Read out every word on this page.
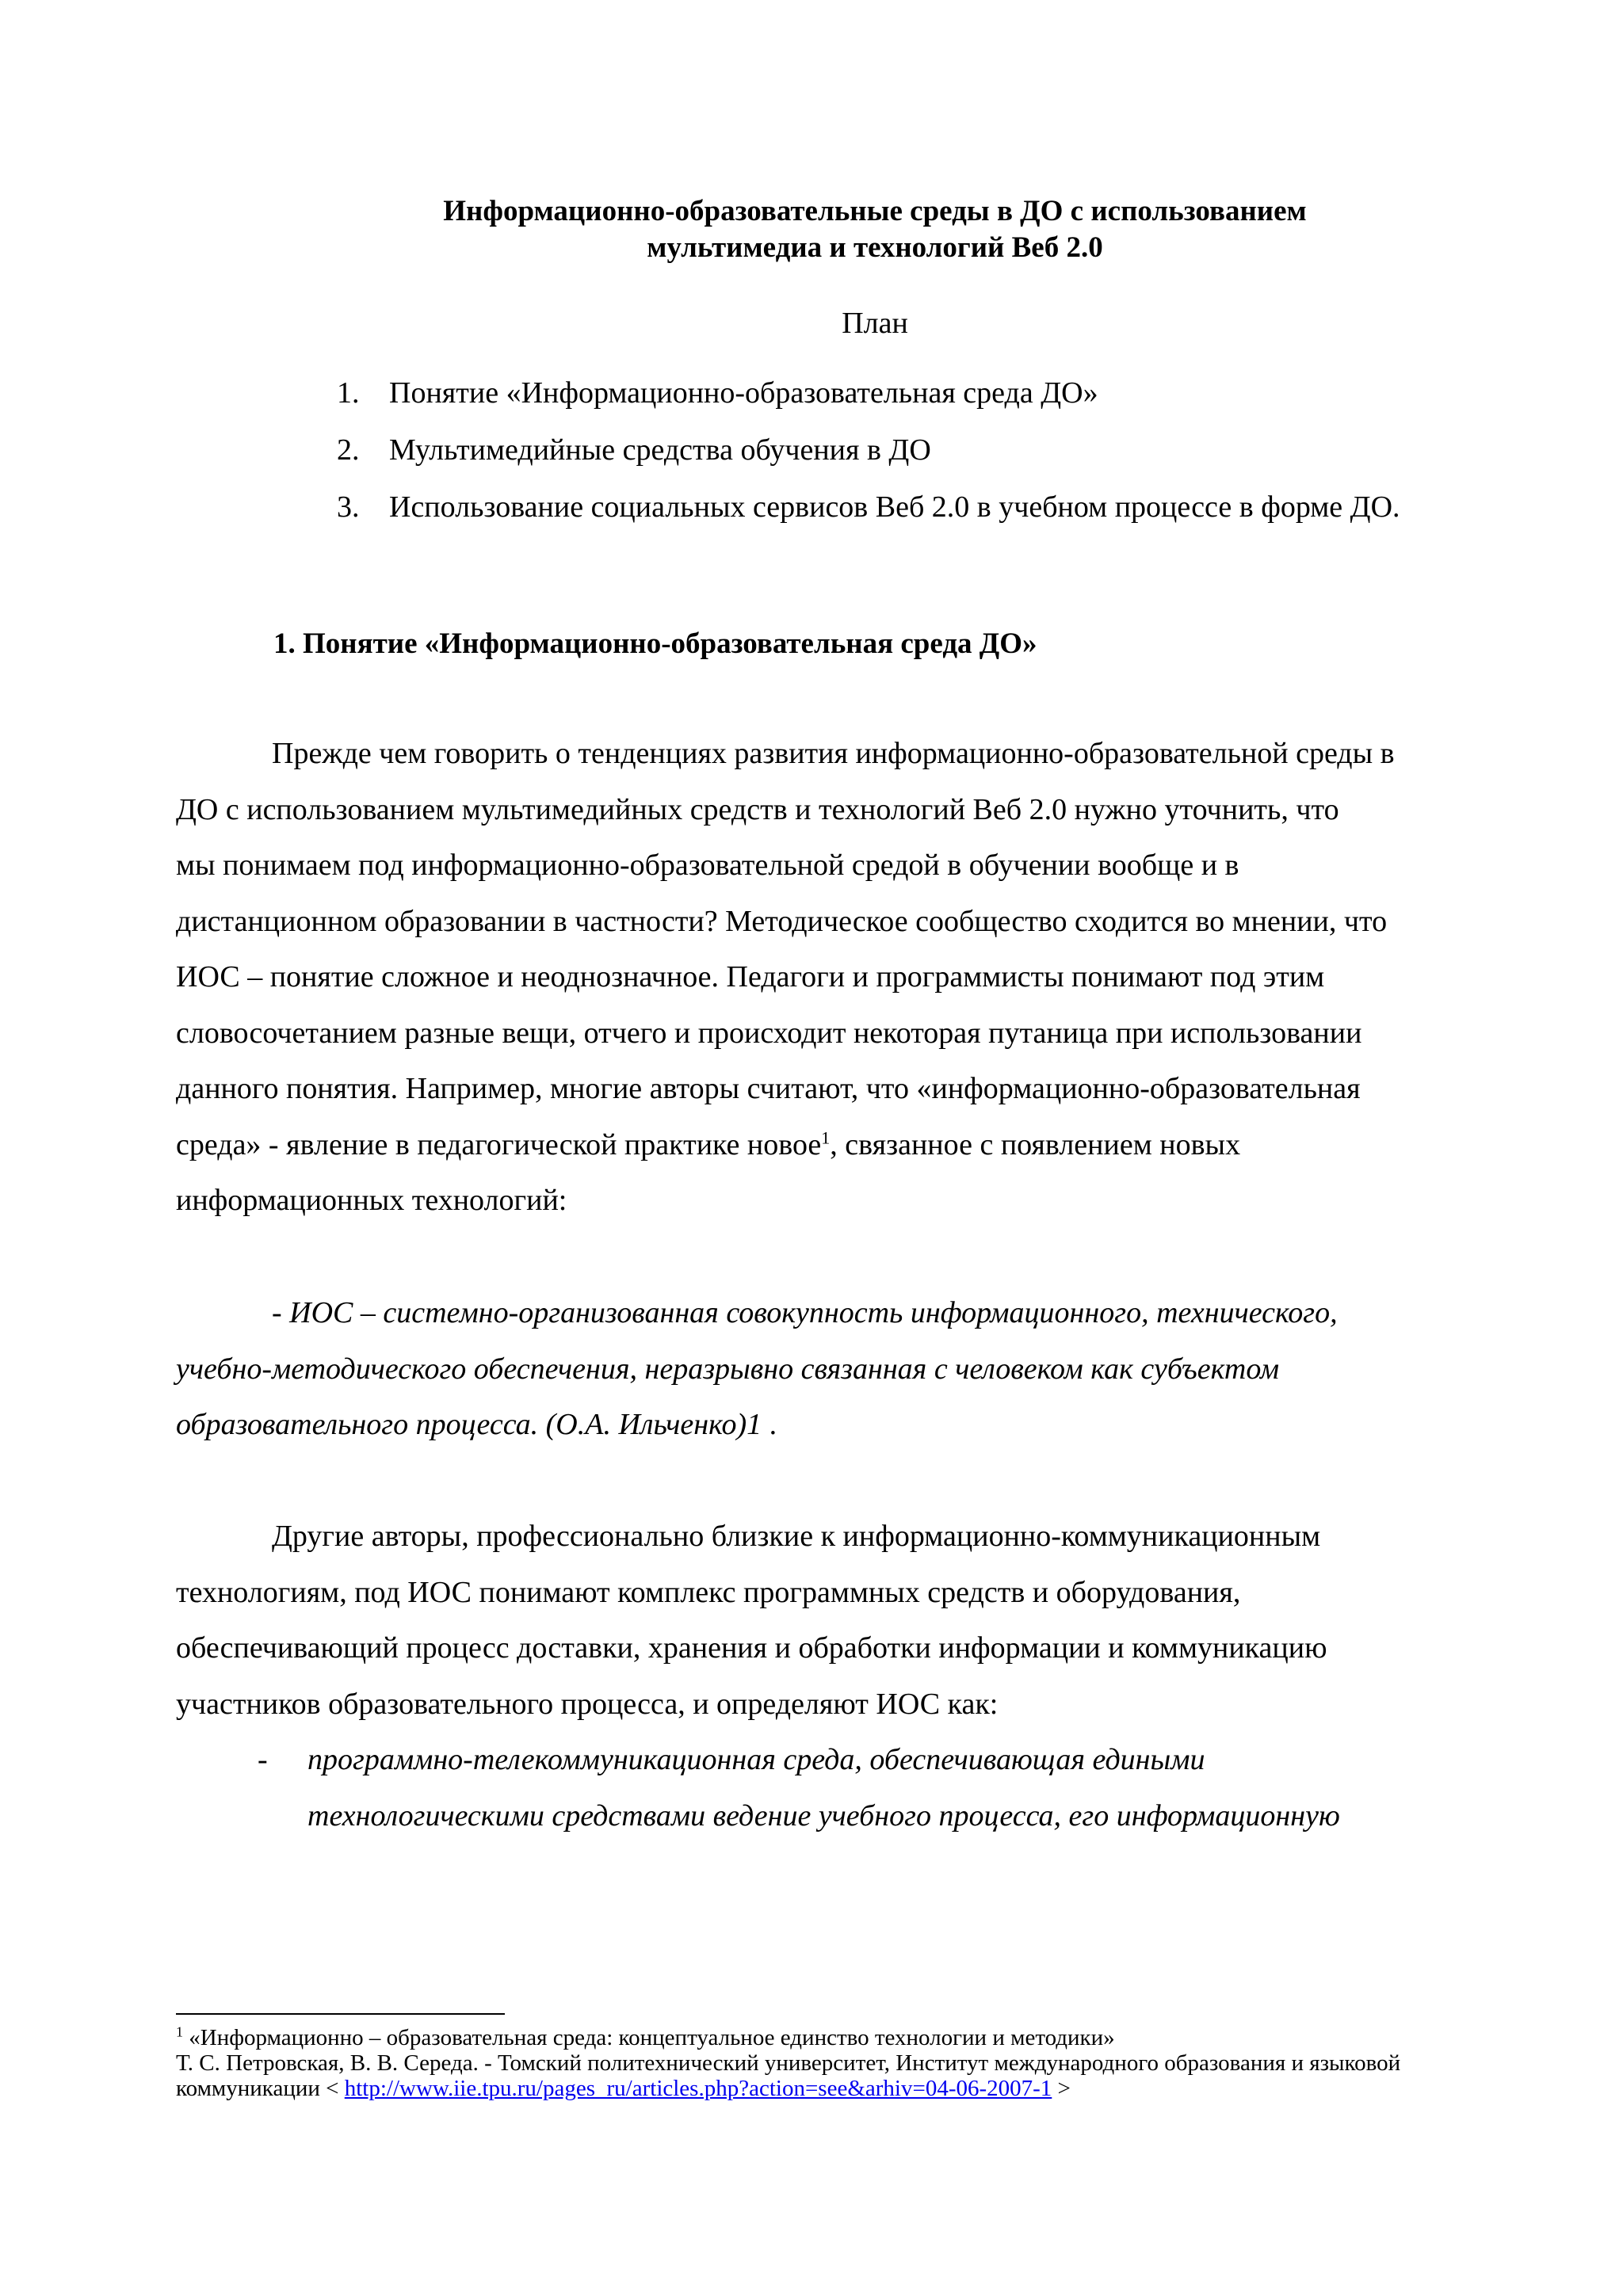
Информационно-образовательные среды в ДО с использованием
мультимедиа и технологий Веб 2.0
План
1. Понятие «Информационно-образовательная среда ДО»
2. Мультимедийные средства обучения в ДО
3. Использование социальных сервисов Веб 2.0 в учебном процессе в форме ДО.
1. Понятие «Информационно-образовательная среда ДО»
Прежде чем говорить о тенденциях развития информационно-образовательной среды в
ДО с использованием мультимедийных средств и технологий Веб 2.0 нужно уточнить, что
мы понимаем под информационно-образовательной средой в обучении вообще и в
дистанционном образовании в частности? Методическое сообщество сходится во мнении, что
ИОС – понятие сложное и неоднозначное. Педагоги и программисты понимают под этим
словосочетанием разные вещи, отчего и происходит некоторая путаница при использовании
данного понятия. Например, многие авторы считают, что «информационно-образовательная
среда» - явление в педагогической практике новое$^1$, связанное с появлением новых
информационных технологий:
- ИОС – системно-организованная совокупность информационного, технического,
учебно-методического обеспечения, неразрывно связанная с человеком как субъектом
образовательного процесса. (О.А. Ильченко)1 .
Другие авторы, профессионально близкие к информационно-коммуникационным
технологиям, под ИОС понимают комплекс программных средств и оборудования,
обеспечивающий процесс доставки, хранения и обработки информации и коммуникацию
участников образовательного процесса, и определяют ИОС как:
- программно-телекоммуникационная среда, обеспечивающая едиными
технологическими средствами ведение учебного процесса, его информационную
$^1$ «Информационно – образовательная среда: концептуальное единство технологии и методики»
Т. С. Петровская, В. В. Середа. - Томский политехнический университет, Институт международного образования и языковой
коммуникации < http://www.iie.tpu.ru/pages_ru/articles.php?action=see&arhiv=04-06-2007-1 >
